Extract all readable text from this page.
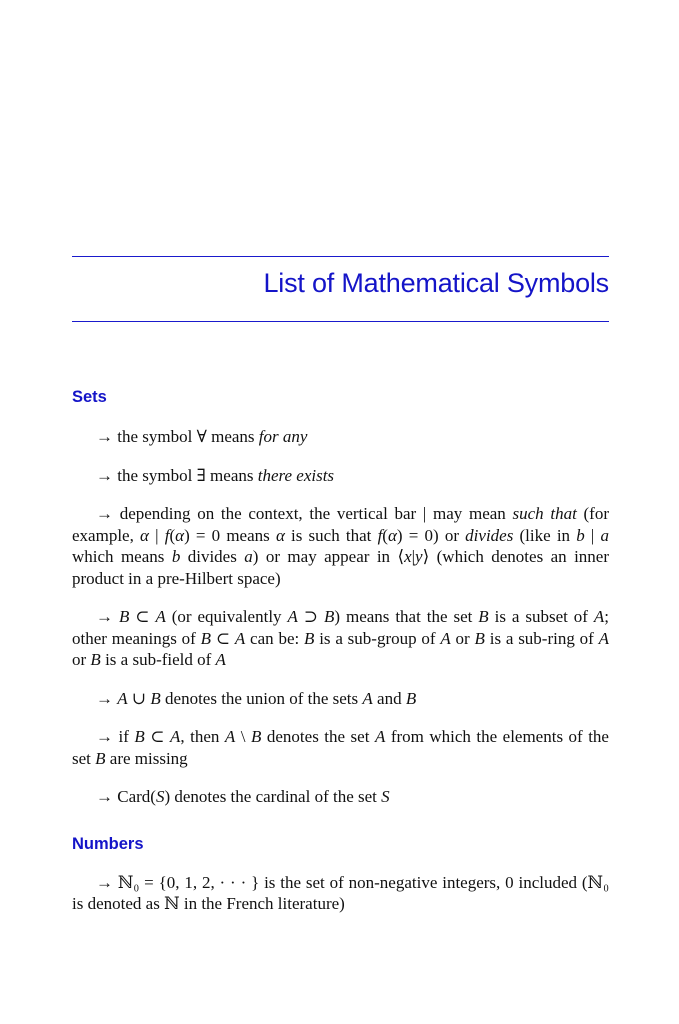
List of Mathematical Symbols
Sets

→ the symbol ∀ means for any

→ the symbol ∃ means there exists

→ depending on the context, the vertical bar | may mean such that (for example, α | f(α) = 0 means α is such that f(α) = 0) or divides (like in b | a which means b divides a) or may appear in ⟨x|y⟩ (which denotes an inner product in a pre-Hilbert space)

→ B ⊂ A (or equivalently A ⊃ B) means that the set B is a subset of A; other meanings of B ⊂ A can be: B is a sub-group of A or B is a sub-ring of A or B is a sub-field of A

→ A ∪ B denotes the union of the sets A and B

→ if B ⊂ A, then A \ B denotes the set A from which the elements of the set B are missing

→ Card(S) denotes the cardinal of the set S

Numbers

→ ℕ₀ = {0, 1, 2, · · · } is the set of non-negative integers, 0 included (ℕ₀ is denoted as ℕ in the French literature)
